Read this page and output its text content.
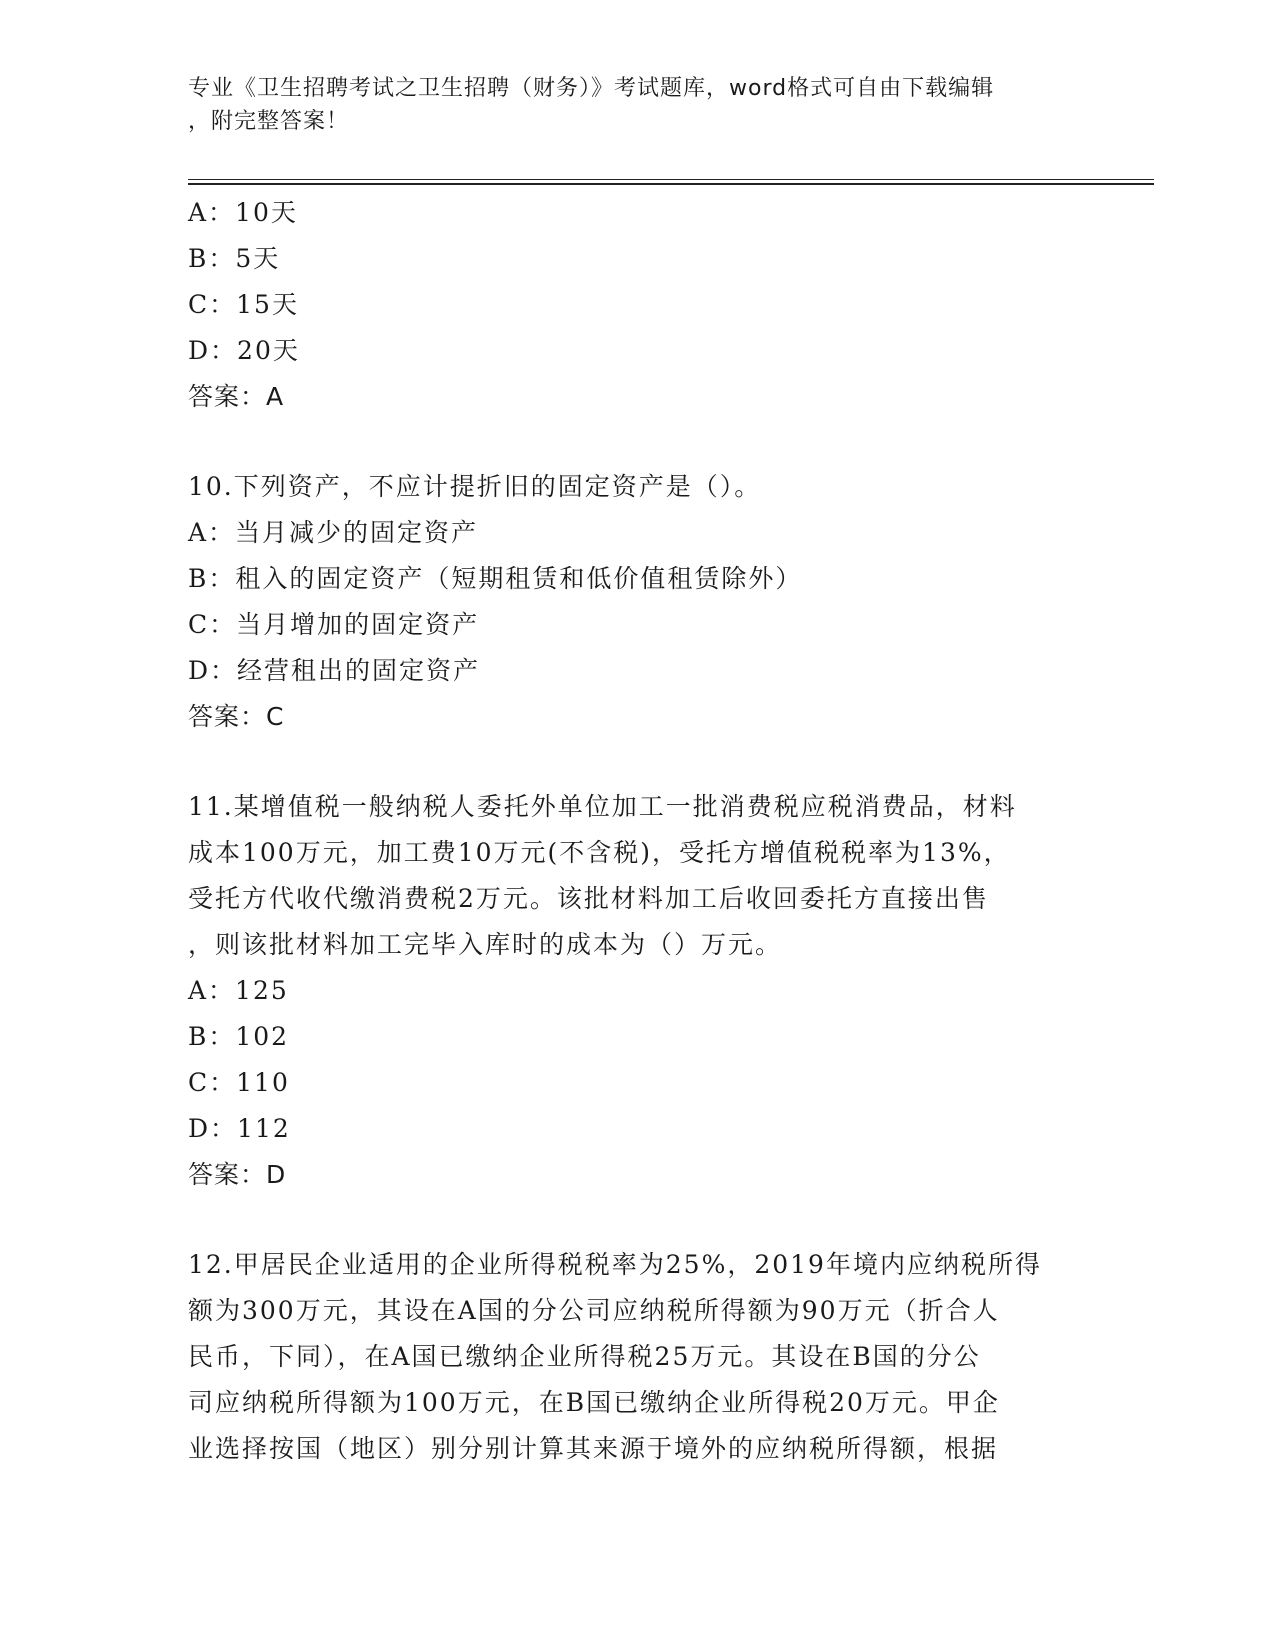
专业《卫生招聘考试之卫生招聘（财务）》考试题库，word格式可自由下载编辑
，附完整答案！
A：10天
B：5天
C：15天
D：20天
答案：A
10.下列资产，不应计提折旧的固定资产是（）。
A：当月减少的固定资产
B：租入的固定资产（短期租赁和低价值租赁除外）
C：当月增加的固定资产
D：经营租出的固定资产
答案：C
11.某增值税一般纳税人委托外单位加工一批消费税应税消费品，材料
成本100万元，加工费10万元(不含税)，受托方增值税税率为13%，
受托方代收代缴消费税2万元。该批材料加工后收回委托方直接出售
，则该批材料加工完毕入库时的成本为（）万元。
A：125
B：102
C：110
D：112
答案：D
12.甲居民企业适用的企业所得税税率为25%，2019年境内应纳税所得
额为300万元，其设在A国的分公司应纳税所得额为90万元（折合人
民币，下同），在A国已缴纳企业所得税25万元。其设在B国的分公
司应纳税所得额为100万元，在B国已缴纳企业所得税20万元。甲企
业选择按国（地区）别分别计算其来源于境外的应纳税所得额，根据
